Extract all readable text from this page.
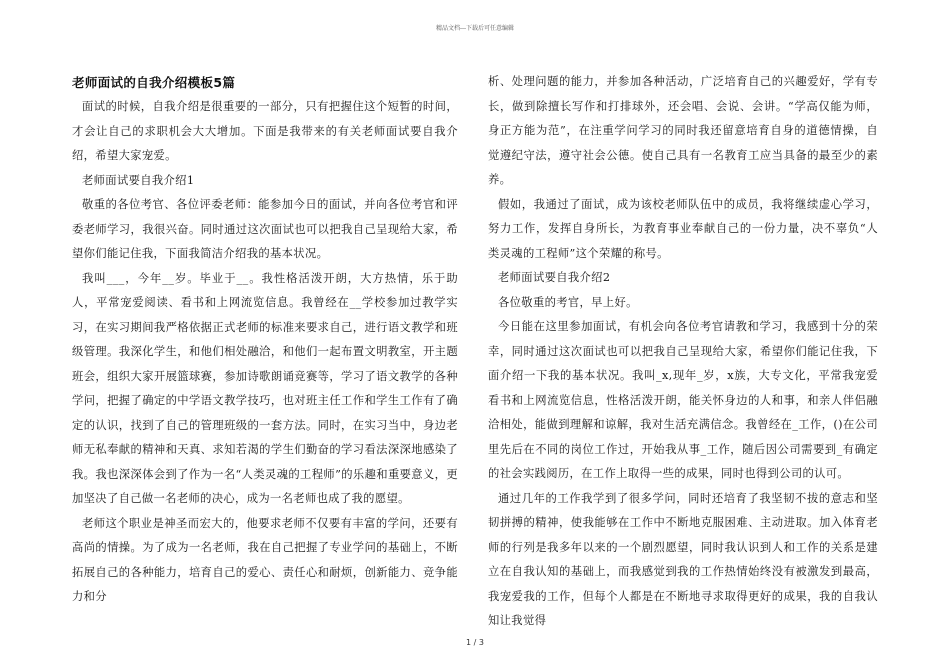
精品文档---下载后可任意编辑
老师面试的自我介绍模板5篇

面试的时候，自我介绍是很重要的一部分，只有把握住这个短暂的时间，才会让自己的求职机会大大增加。下面是我带来的有关老师面试要自我介绍，希望大家宠爱。

老师面试要自我介绍1

敬重的各位考官、各位评委老师：能参加今日的面试，并向各位考官和评委老师学习，我很兴奋。同时通过这次面试也可以把我自己呈现给大家，希望你们能记住我，下面我简洁介绍我的基本状况。

我叫___，今年__岁。毕业于__。我性格活泼开朗，大方热情，乐于助人，平常宠爱阅读、看书和上网流览信息。我曾经在__学校参加过教学实习，在实习期间我严格依据正式老师的标准来要求自己，进行语文教学和班级管理。我深化学生，和他们相处融洽，和他们一起布置文明教室，开主题班会，组织大家开展篮球赛，参加诗歌朗诵竞赛等，学习了语文教学的各种学问，把握了确定的中学语文教学技巧，也对班主任工作和学生工作有了确定的认识，找到了自己的管理班级的一套方法。同时，在实习当中，身边老师无私奉献的精神和天真、求知若渴的学生们勤奋的学习看法深深地感染了我。我也深深体会到了作为一名“人类灵魂的工程师”的乐趣和重要意义，更加坚决了自己做一名老师的决心，成为一名老师也成了我的愿望。

老师这个职业是神圣而宏大的，他要求老师不仅要有丰富的学问，还要有高尚的情操。为了成为一名老师，我在自己把握了专业学问的基础上，不断拓展自己的各种能力，培育自己的爱心、责任心和耐烦，创新能力、竞争能力和分

析、处理问题的能力，并参加各种活动，广泛培育自己的兴趣爱好，学有专长，做到除擅长写作和打排球外，还会唱、会说、会讲。“学高仅能为师，身正方能为范”，在注重学问学习的同时我还留意培育自身的道德情操，自觉遵纪守法，遵守社会公德。使自己具有一名教育工应当具备的最至少的素养。

假如，我通过了面试，成为该校老师队伍中的成员，我将继续虚心学习，努力工作，发挥自身所长，为教育事业奉献自己的一份力量，决不辜负“人类灵魂的工程师”这个荣耀的称号。

老师面试要自我介绍2

各位敬重的考官，早上好。

今日能在这里参加面试，有机会向各位考官请教和学习，我感到十分的荣幸，同时通过这次面试也可以把我自己呈现给大家，希望你们能记住我，下面介绍一下我的基本状况。我叫_x,现年_岁，x族，大专文化，平常我宠爱看书和上网流览信息，性格活泼开朗，能关怀身边的人和事，和亲人伴侣融洽相处，能做到理解和谅解，我对生活充满信念。我曾经在_工作，()在公司里先后在不同的岗位工作过，开始我从事_工作，随后因公司需要到_有确定的社会实践阅历，在工作上取得一些的成果，同时也得到公司的认可。

通过几年的工作我学到了很多学问，同时还培育了我坚韧不拔的意志和坚韧拼搏的精神，使我能够在工作中不断地克服困难、主动进取。加入体育老师的行列是我多年以来的一个剧烈愿望，同时我认识到人和工作的关系是建立在自我认知的基础上，而我感觉到我的工作热情始终没有被激发到最高，我宠爱我的工作，但每个人都是在不断地寻求取得更好的成果，我的自我认知让我觉得

1 / 3
